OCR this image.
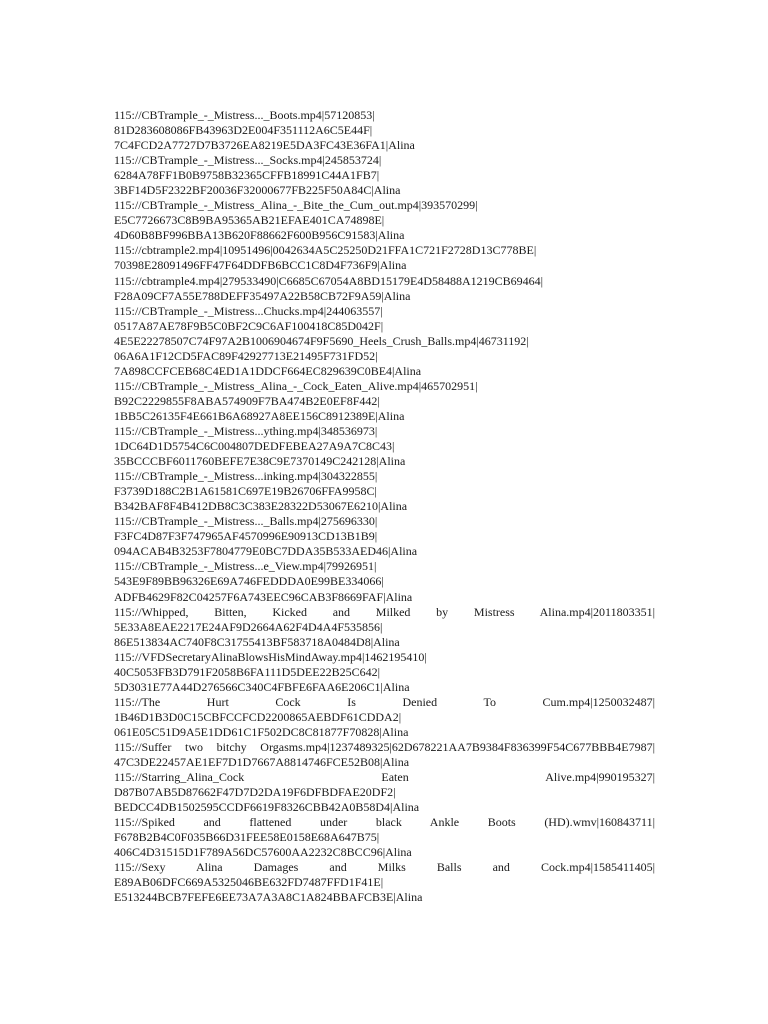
115://CBTrample_-_Mistress..._Boots.mp4|57120853|
81D283608086FB43963D2E004F351112A6C5E44F|
7C4FCD2A7727D7B3726EA8219E5DA3FC43E36FA1|Alina
115://CBTrample_-_Mistress..._Socks.mp4|245853724|
6284A78FF1B0B9758B32365CFFB18991C44A1FB7|
3BF14D5F2322BF20036F32000677FB225F50A84C|Alina
115://CBTrample_-_Mistress_Alina_-_Bite_the_Cum_out.mp4|393570299|
E5C7726673C8B9BA95365AB21EFAE401CA74898E|
4D60B8BF996BBA13B620F88662F600B956C91583|Alina
115://cbtrample2.mp4|10951496|0042634A5C25250D21FFA1C721F2728D13C778BE|
70398E28091496FF47F64DDFB6BCC1C8D4F736F9|Alina
115://cbtrample4.mp4|279533490|C6685C67054A8BD15179E4D58488A1219CB69464|
F28A09CF7A55E788DEFF35497A22B58CB72F9A59|Alina
115://CBTrample_-_Mistress...Chucks.mp4|244063557|
0517A87AE78F9B5C0BF2C9C6AF100418C85D042F|
4E5E22278507C74F97A2B1006904674F9F5690_Heels_Crush_Balls.mp4|46731192|
06A6A1F12CD5FAC89F42927713E21495F731FD52|
7A898CCFCEB68C4ED1A1DDCF664EC829639C0BE4|Alina
115://CBTrample_-_Mistress_Alina_-_Cock_Eaten_Alive.mp4|465702951|
B92C2229855F8ABA574909F7BA474B2E0EF8F442|
1BB5C26135F4E661B6A68927A8EE156C8912389E|Alina
115://CBTrample_-_Mistress...ything.mp4|348536973|
1DC64D1D5754C6C004807DEDFEBEA27A9A7C8C43|
35BCCCBF6011760BEFE7E38C9E7370149C242128|Alina
115://CBTrample_-_Mistress...inking.mp4|304322855|
F3739D188C2B1A61581C697E19B26706FFA9958C|
B342BAF8F4B412DB8C3C383E28322D53067E6210|Alina
115://CBTrample_-_Mistress..._Balls.mp4|275696330|
F3FC4D87F3F747965AF4570996E90913CD13B1B9|
094ACAB4B3253F7804779E0BC7DDA35B533AED46|Alina
115://CBTrample_-_Mistress...e_View.mp4|79926951|
543E9F89BB96326E69A746FEDDDA0E99BE334066|
ADFB4629F82C04257F6A743EEC96CAB3F8669FAF|Alina
115://Whipped, Bitten, Kicked and Milked by Mistress Alina.mp4|2011803351|
5E33A8EAE2217E24AF9D2664A62F4D4A4F535856|
86E513834AC740F8C31755413BF583718A0484D8|Alina
115://VFDSecretaryAlinaBlowsHisMindAway.mp4|1462195410|
40C5053FB3D791F2058B6FA111D5DEE22B25C642|
5D3031E77A44D276566C340C4FBFE6FAA6E206C1|Alina
115://The Hurt Cock Is Denied To Cum.mp4|1250032487|
1B46D1B3D0C15CBFCCFCD2200865AEBDF61CDDA2|
061E05C51D9A5E1DD61C1F502DC8C81877F70828|Alina
115://Suffer two bitchy Orgasms.mp4|1237489325|62D678221AA7B9384F836399F54C677BBB4E7987|
47C3DE22457AE1EF7D1D7667A8814746FCE52B08|Alina
115://Starring_Alina_Cock Eaten Alive.mp4|990195327|
D87B07AB5D87662F47D7D2DA19F6DFBDFAE20DF2|
BEDCC4DB1502595CCDF6619F8326CBB42A0B58D4|Alina
115://Spiked and flattened under black Ankle Boots (HD).wmv|160843711|
F678B2B4C0F035B66D31FEE58E0158E68A647B75|
406C4D31515D1F789A56DC57600AA2232C8BCC96|Alina
115://Sexy Alina Damages and Milks Balls and Cock.mp4|1585411405|
E89AB06DFC669A5325046BE632FD7487FFD1F41E|
E513244BCB7FEFE6EE73A7A3A8C1A824BBAFCB3E|Alina
